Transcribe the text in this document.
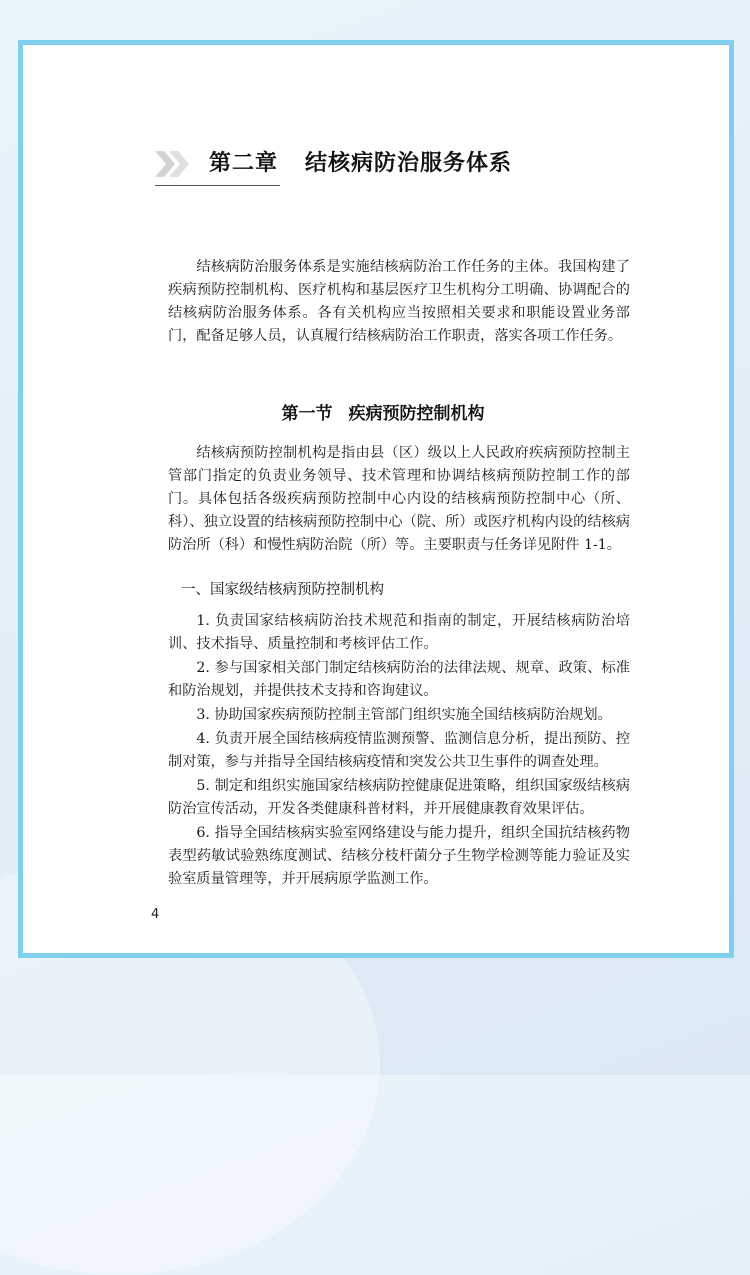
第二章 结核病防治服务体系

结核病防治服务体系是实施结核病防治工作任务的主体。我国构建了疾病预防控制机构、医疗机构和基层医疗卫生机构分工明确、协调配合的结核病防治服务体系。各有关机构应当按照相关要求和职能设置业务部门，配备足够人员，认真履行结核病防治工作职责，落实各项工作任务。

第一节 疾病预防控制机构

结核病预防控制机构是指由县（区）级以上人民政府疾病预防控制主管部门指定的负责业务领导、技术管理和协调结核病预防控制工作的部门。具体包括各级疾病预防控制中心内设的结核病预防控制中心（所、科）、独立设置的结核病预防控制中心（院、所）或医疗机构内设的结核病防治所（科）和慢性病防治院（所）等。主要职责与任务详见附件 1-1。

一、国家级结核病预防控制机构

1. 负责国家结核病防治技术规范和指南的制定，开展结核病防治培训、技术指导、质量控制和考核评估工作。

2. 参与国家相关部门制定结核病防治的法律法规、规章、政策、标准和防治规划，并提供技术支持和咨询建议。

3. 协助国家疾病预防控制主管部门组织实施全国结核病防治规划。

4. 负责开展全国结核病疫情监测预警、监测信息分析，提出预防、控制对策，参与并指导全国结核病疫情和突发公共卫生事件的调查处理。

5. 制定和组织实施国家结核病防控健康促进策略，组织国家级结核病防治宣传活动，开发各类健康科普材料，并开展健康教育效果评估。

6. 指导全国结核病实验室网络建设与能力提升，组织全国抗结核药物表型药敏试验熟练度测试、结核分枝杆菌分子生物学检测等能力验证及实验室质量管理等，并开展病原学监测工作。

4
